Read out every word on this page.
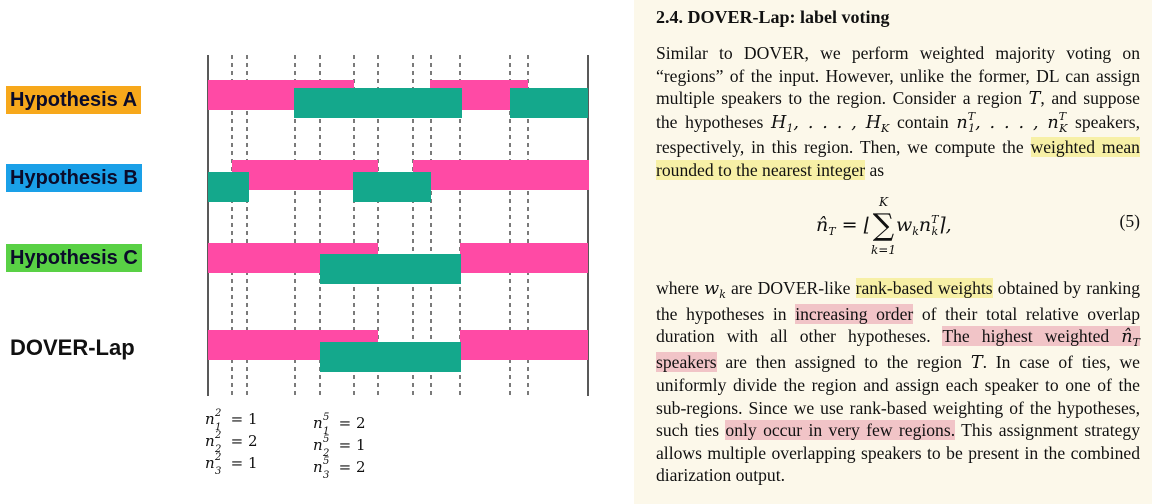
Hypothesis A
Hypothesis B
Hypothesis C
DOVER-Lap
n 2
1 = 1
n 2
2 = 2
n 2
3 = 1
n 5
1 = 2
n 5
2 = 1
n 5
3 = 2
2.4. DOVER-Lap: label voting

Similar to DOVER, we perform weighted majority voting on “regions” of the input. However, unlike the former, DL can assign multiple speakers to the region. Consider a region T, and suppose the hypotheses $H_1$, . . . , $H_K$ contain $n^T_1$, . . . , $n^T_K$ speakers, respectively, in this region. Then, we compute the weighted mean rounded to the nearest integer as

$n̂_T$ = ⌊
K
∑
k=1
$w_kn^T_k⌉$,	(5)

where $w_k$ are DOVER-like rank-based weights obtained by ranking the hypotheses in increasing order of their total relative overlap duration with all other hypotheses. The highest weighted $n̂_T$ speakers are then assigned to the region T. In case of ties, we uniformly divide the region and assign each speaker to one of the sub-regions. Since we use rank-based weighting of the hypotheses, such ties only occur in very few regions. This assignment strategy allows multiple overlapping speakers to be present in the combined diarization output.
